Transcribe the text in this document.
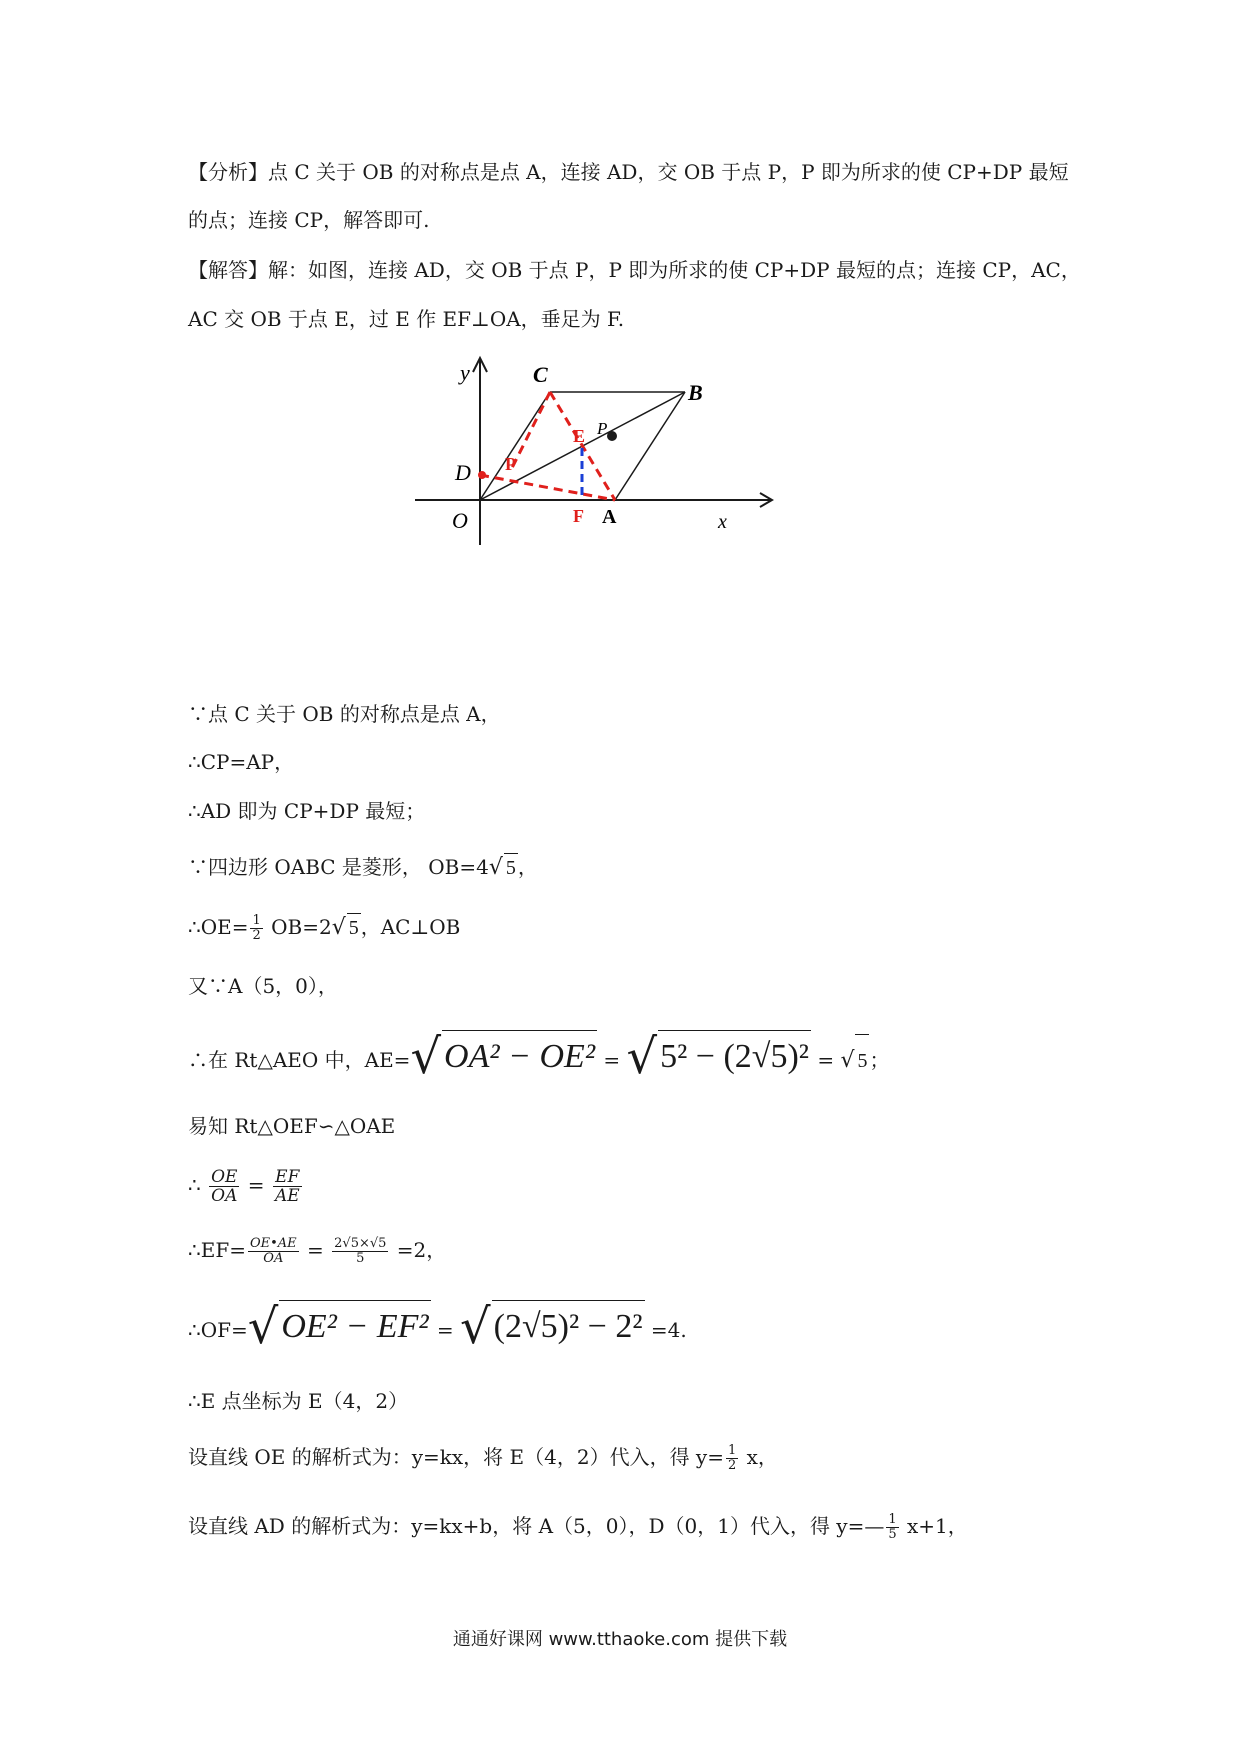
【分析】点 C 关于 OB 的对称点是点 A，连接 AD，交 OB 于点 P，P 即为所求的使 CP+DP 最短
的点；连接 CP，解答即可.
【解答】解：如图，连接 AD，交 OB 于点 P，P 即为所求的使 CP+DP 最短的点；连接 CP，AC，
AC 交 OB 于点 E，过 E 作 EF⊥OA，垂足为 F.
y
x
O
C
B
D P
E P
F A
∵点 C 关于 OB 的对称点是点 A，
∴CP=AP，
∴AD 即为 CP+DP 最短；
∵四边形 OABC 是菱形， OB=4√ 5 ，
∴OE= $\frac{1}{2} OB=2√$ 5 ，AC⊥OB
又∵A（5，0），
∴在 Rt△AEO 中，AE=√OA² − OE² = √5² − (2√5)² = √ 5 ；
易知 Rt△OEF∽△OAE
∴ $\frac{OE}{OA} = \frac{EF}{AE}$
∴EF= $\frac{OE•AE}{OA} = \frac{2√5\times√5}{5} =2$，
∴OF=√OE² − EF² = √(2√5)² − 2² =4.
∴E 点坐标为 E（4，2）
设直线 OE 的解析式为：y=kx，将 E（4，2）代入，得 $y= \frac{1}{2}$ x，
设直线 AD 的解析式为：y=kx+b，将 A（5，0），D（0，1）代入，得 y=— $\frac{1}{5} x+1$，
通通好课网 www.tthaoke.com 提供下载
